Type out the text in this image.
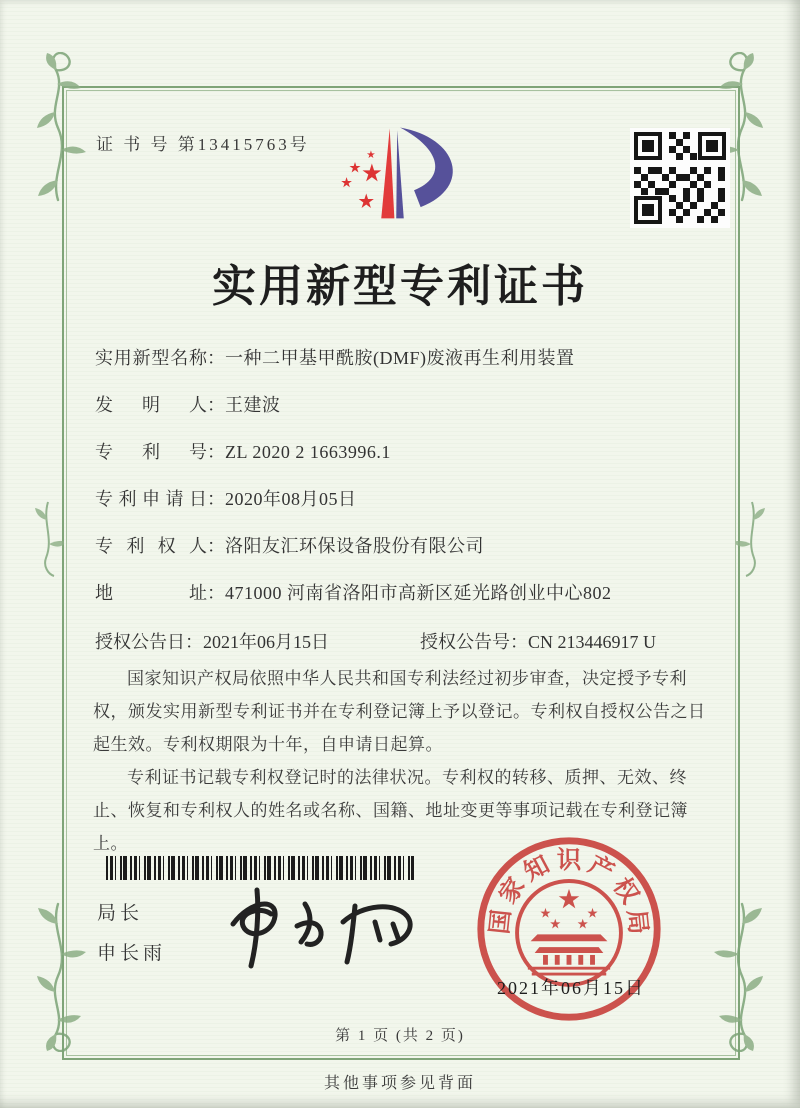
证 书 号 第13415763号
实用新型专利证书
实用新型名称：一种二甲基甲酰胺(DMF)废液再生利用装置
发明人：王建波
专利号：ZL 2020 2 1663996.1
专利申请日：2020年08月05日
专利权人：洛阳友汇环保设备股份有限公司
地址：471000 河南省洛阳市高新区延光路创业中心802
授权公告日：2021年06月15日	授权公告号：CN 213446917 U

国家知识产权局依照中华人民共和国专利法经过初步审查，决定授予专利权，颁发实用新型专利证书并在专利登记簿上予以登记。专利权自授权公告之日起生效。专利权期限为十年，自申请日起算。

专利证书记载专利权登记时的法律状况。专利权的转移、质押、无效、终止、恢复和专利权人的姓名或名称、国籍、地址变更等事项记载在专利登记簿上。

局长
申长雨
国
家
知 识 产
权
局
2021年06月15日
第 1 页 (共 2 页)
其他事项参见背面
